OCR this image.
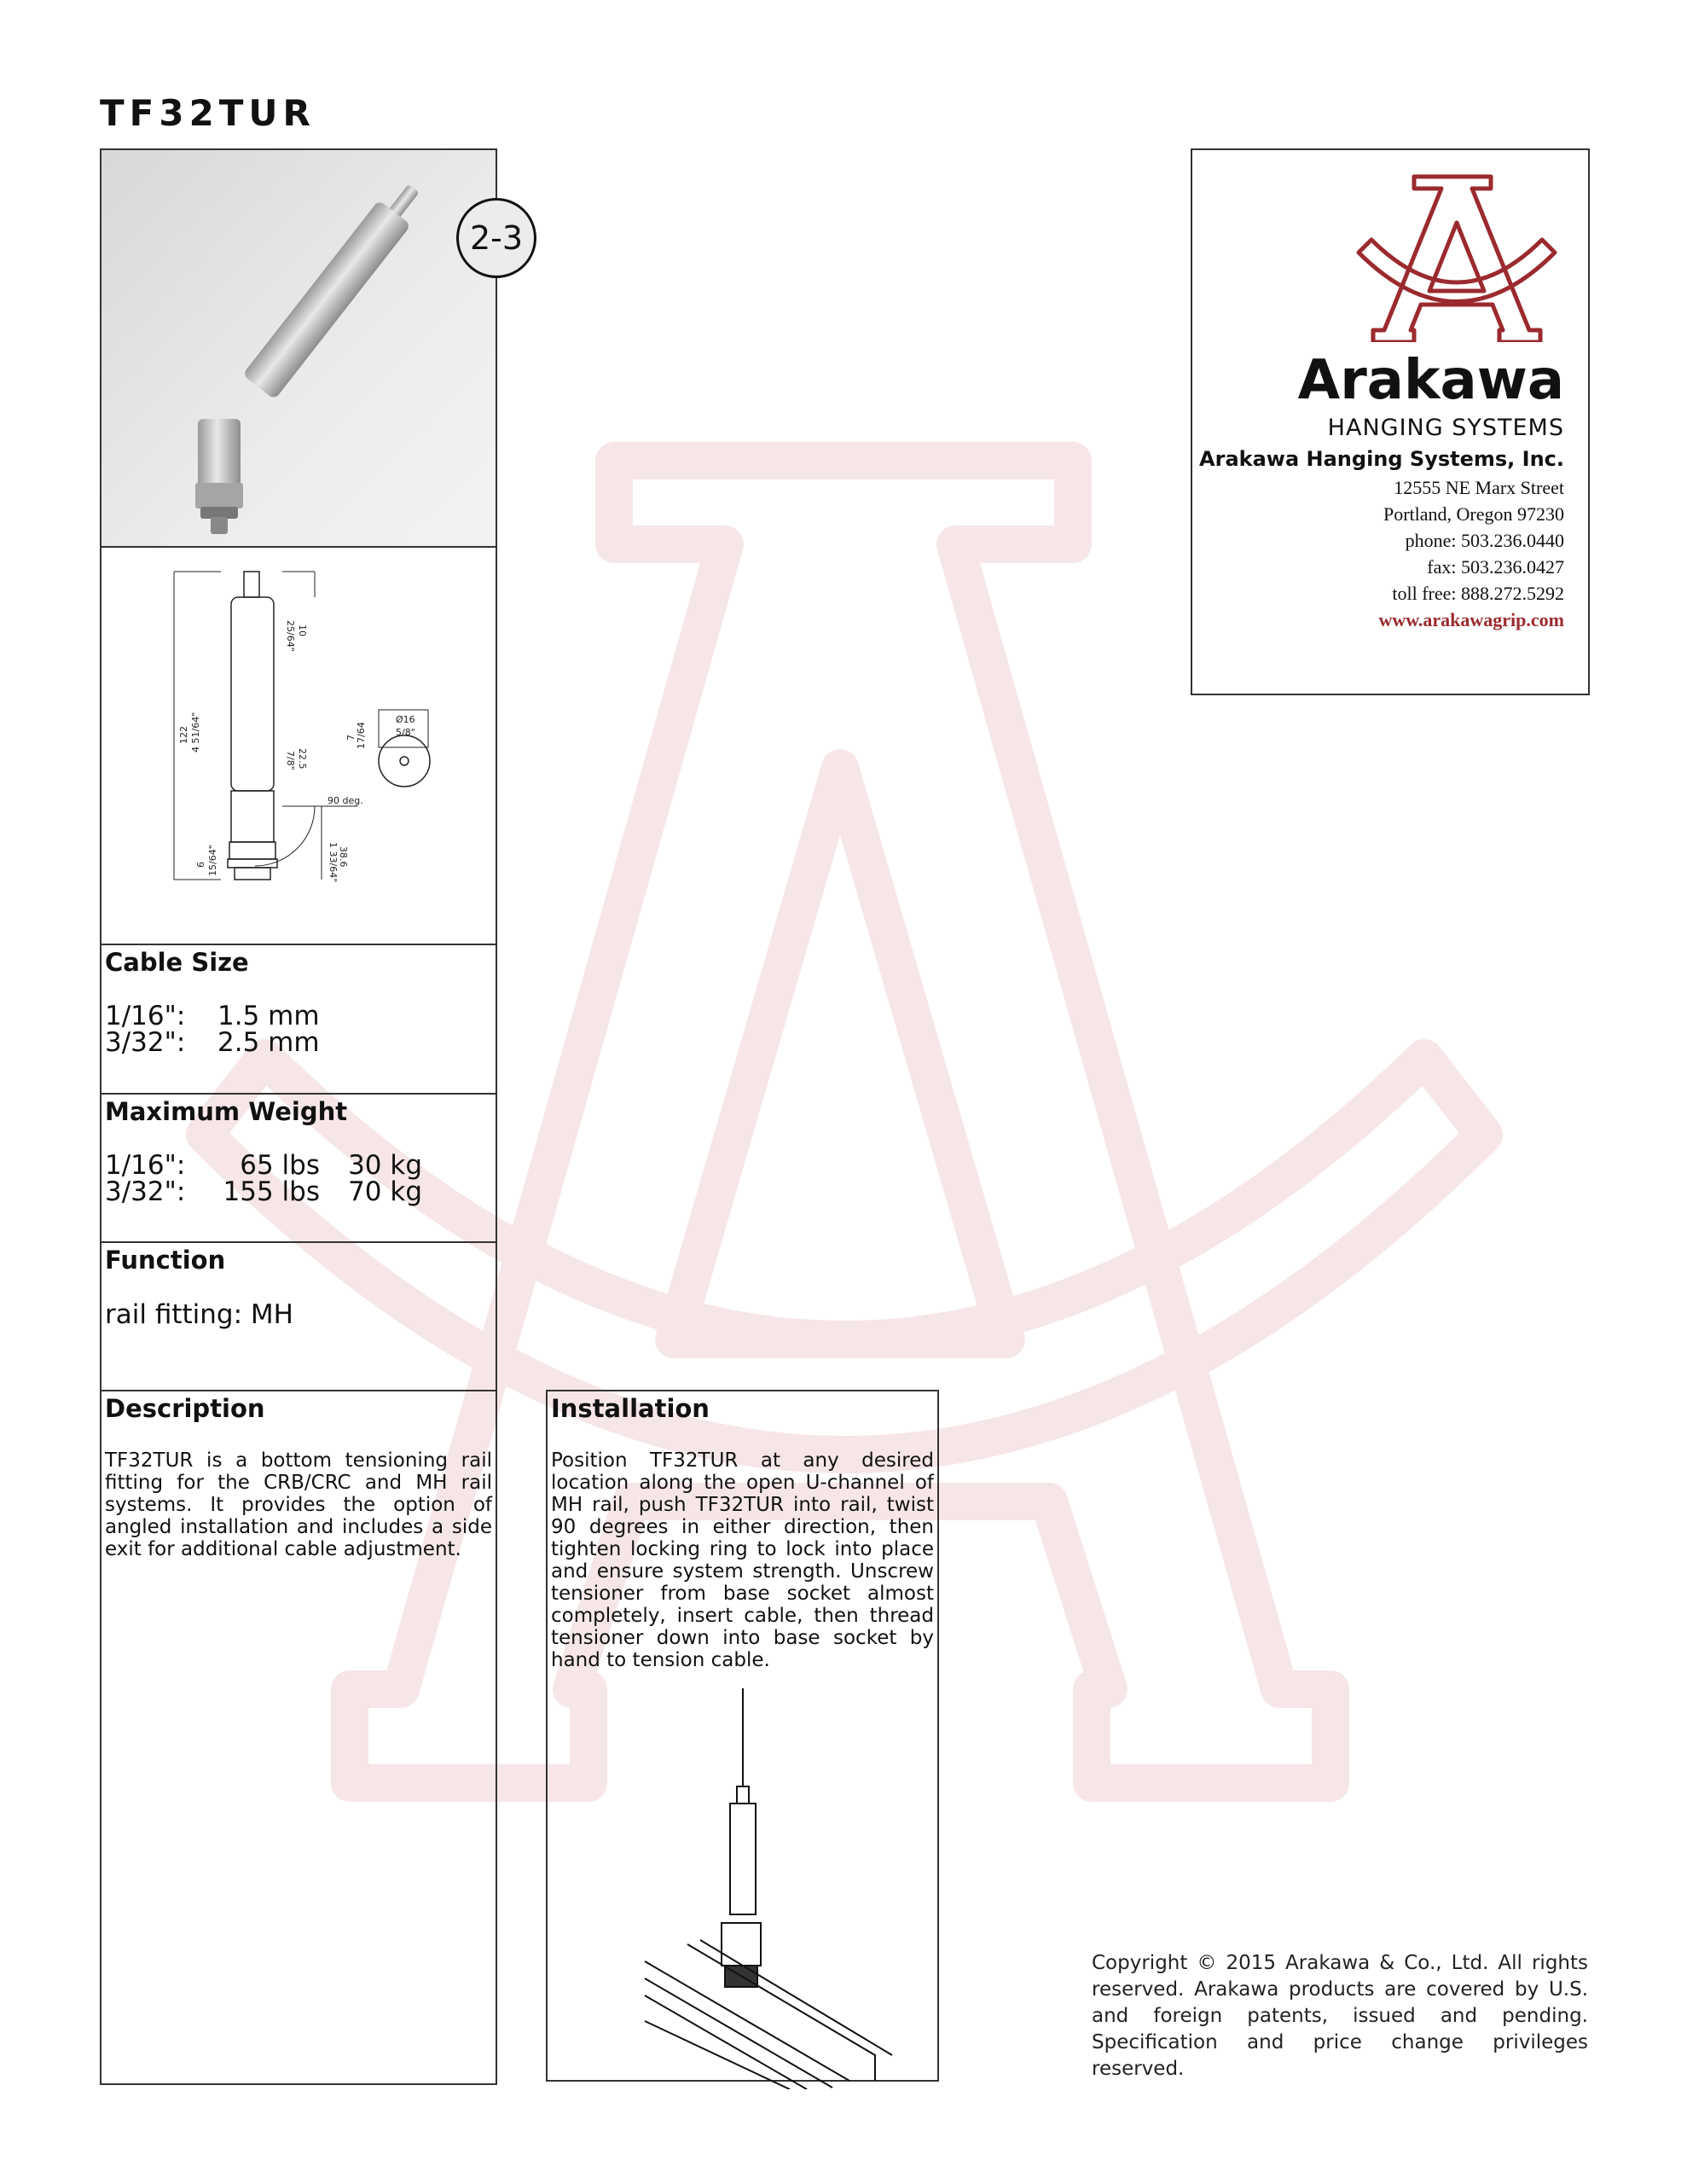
TF32TUR
90 deg.
Ø16
5/8"
122 4 51/64"
10
25/64"
22.5
7/8"
7 17/64
6 15/64"	38.6
1 33/64"
Cable Size
1/16":	1.5 mm
3/32":	2.5 mm
Maximum Weight
1/16":	65 lbs	30 kg
3/32":	155 lbs	70 kg
Function
rail fitting: MH
Description
TF32TUR is a bottom tensioning rail fitting for the CRB/CRC and MH rail systems. It provides the option of angled installation and includes a side exit for additional cable adjustment.
2-3
Installation
Position TF32TUR at any desired location along the open U-channel of MH rail, push TF32TUR into rail, twist 90 degrees in either direction, then tighten locking ring to lock into place and ensure system strength. Unscrew tensioner from base socket almost completely, insert cable, then thread tensioner down into base socket by hand to tension cable.
Arakawa
HANGING SYSTEMS
Arakawa Hanging Systems, Inc.
12555 NE Marx Street
Portland, Oregon 97230
phone: 503.236.0440
fax: 503.236.0427
toll free: 888.272.5292
www.arakawagrip.com
Copyright © 2015 Arakawa & Co., Ltd. All rights reserved. Arakawa products are covered by U.S. and foreign patents, issued and pending. Specification and price change privileges reserved.
